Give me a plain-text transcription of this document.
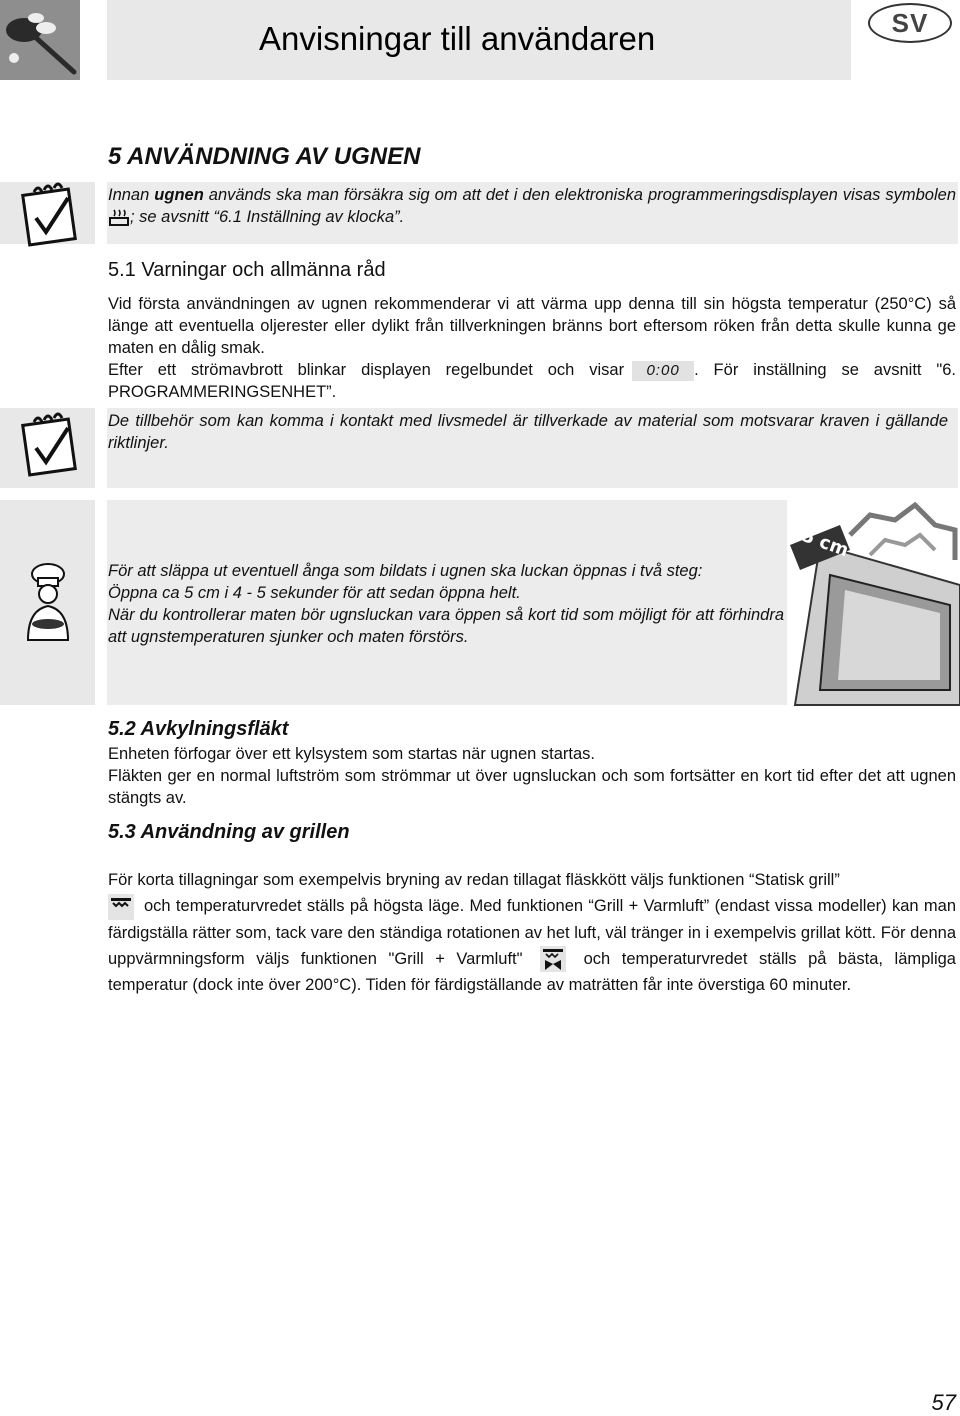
Anvisningar till användaren	SV
5 ANVÄNDNING AV UGNEN
Innan ugnen används ska man försäkra sig om att det i den elektroniska programmeringsdisplayen visas symbolen ; se avsnitt “6.1 Inställning av klocka”.
5.1 Varningar och allmänna råd
Vid första användningen av ugnen rekommenderar vi att värma upp denna till sin högsta temperatur (250°C) så länge att eventuella oljerester eller dylikt från tillverkningen bränns bort eftersom röken från detta skulle kunna ge maten en dålig smak.
Efter ett strömavbrott blinkar displayen regelbundet och visar 0:00 . För inställning se avsnitt "6. PROGRAMMERINGSENHET”.
De tillbehör som kan komma i kontakt med livsmedel är tillverkade av material som motsvarar kraven i gällande riktlinjer.
För att släppa ut eventuell ånga som bildats i ugnen ska luckan öppnas i två steg:
Öppna ca 5 cm i 4 - 5 sekunder för att sedan öppna helt.
När du kontrollerar maten bör ugnsluckan vara öppen så kort tid som möjligt för att förhindra att ugnstemperaturen sjunker och maten förstörs.
5 cm
5.2 Avkylningsfläkt
Enheten förfogar över ett kylsystem som startas när ugnen startas.
Fläkten ger en normal luftström som strömmar ut över ugnsluckan och som fortsätter en kort tid efter det att ugnen stängts av.
5.3 Användning av grillen
För korta tillagningar som exempelvis bryning av redan tillagat fläskkött väljs funktionen “Statisk grill”
och temperaturvredet ställs på högsta läge. Med funktionen “Grill + Varmluft” (endast vissa modeller) kan man färdigställa rätter som, tack vare den ständiga rotationen av het luft, väl tränger in i exempelvis grillat kött. För denna uppvärmningsform väljs funktionen "Grill + Varmluft"	och temperaturvredet ställs på bästa, lämpliga temperatur (dock inte över 200°C). Tiden för färdigställande av maträtten får inte överstiga 60 minuter.
57
